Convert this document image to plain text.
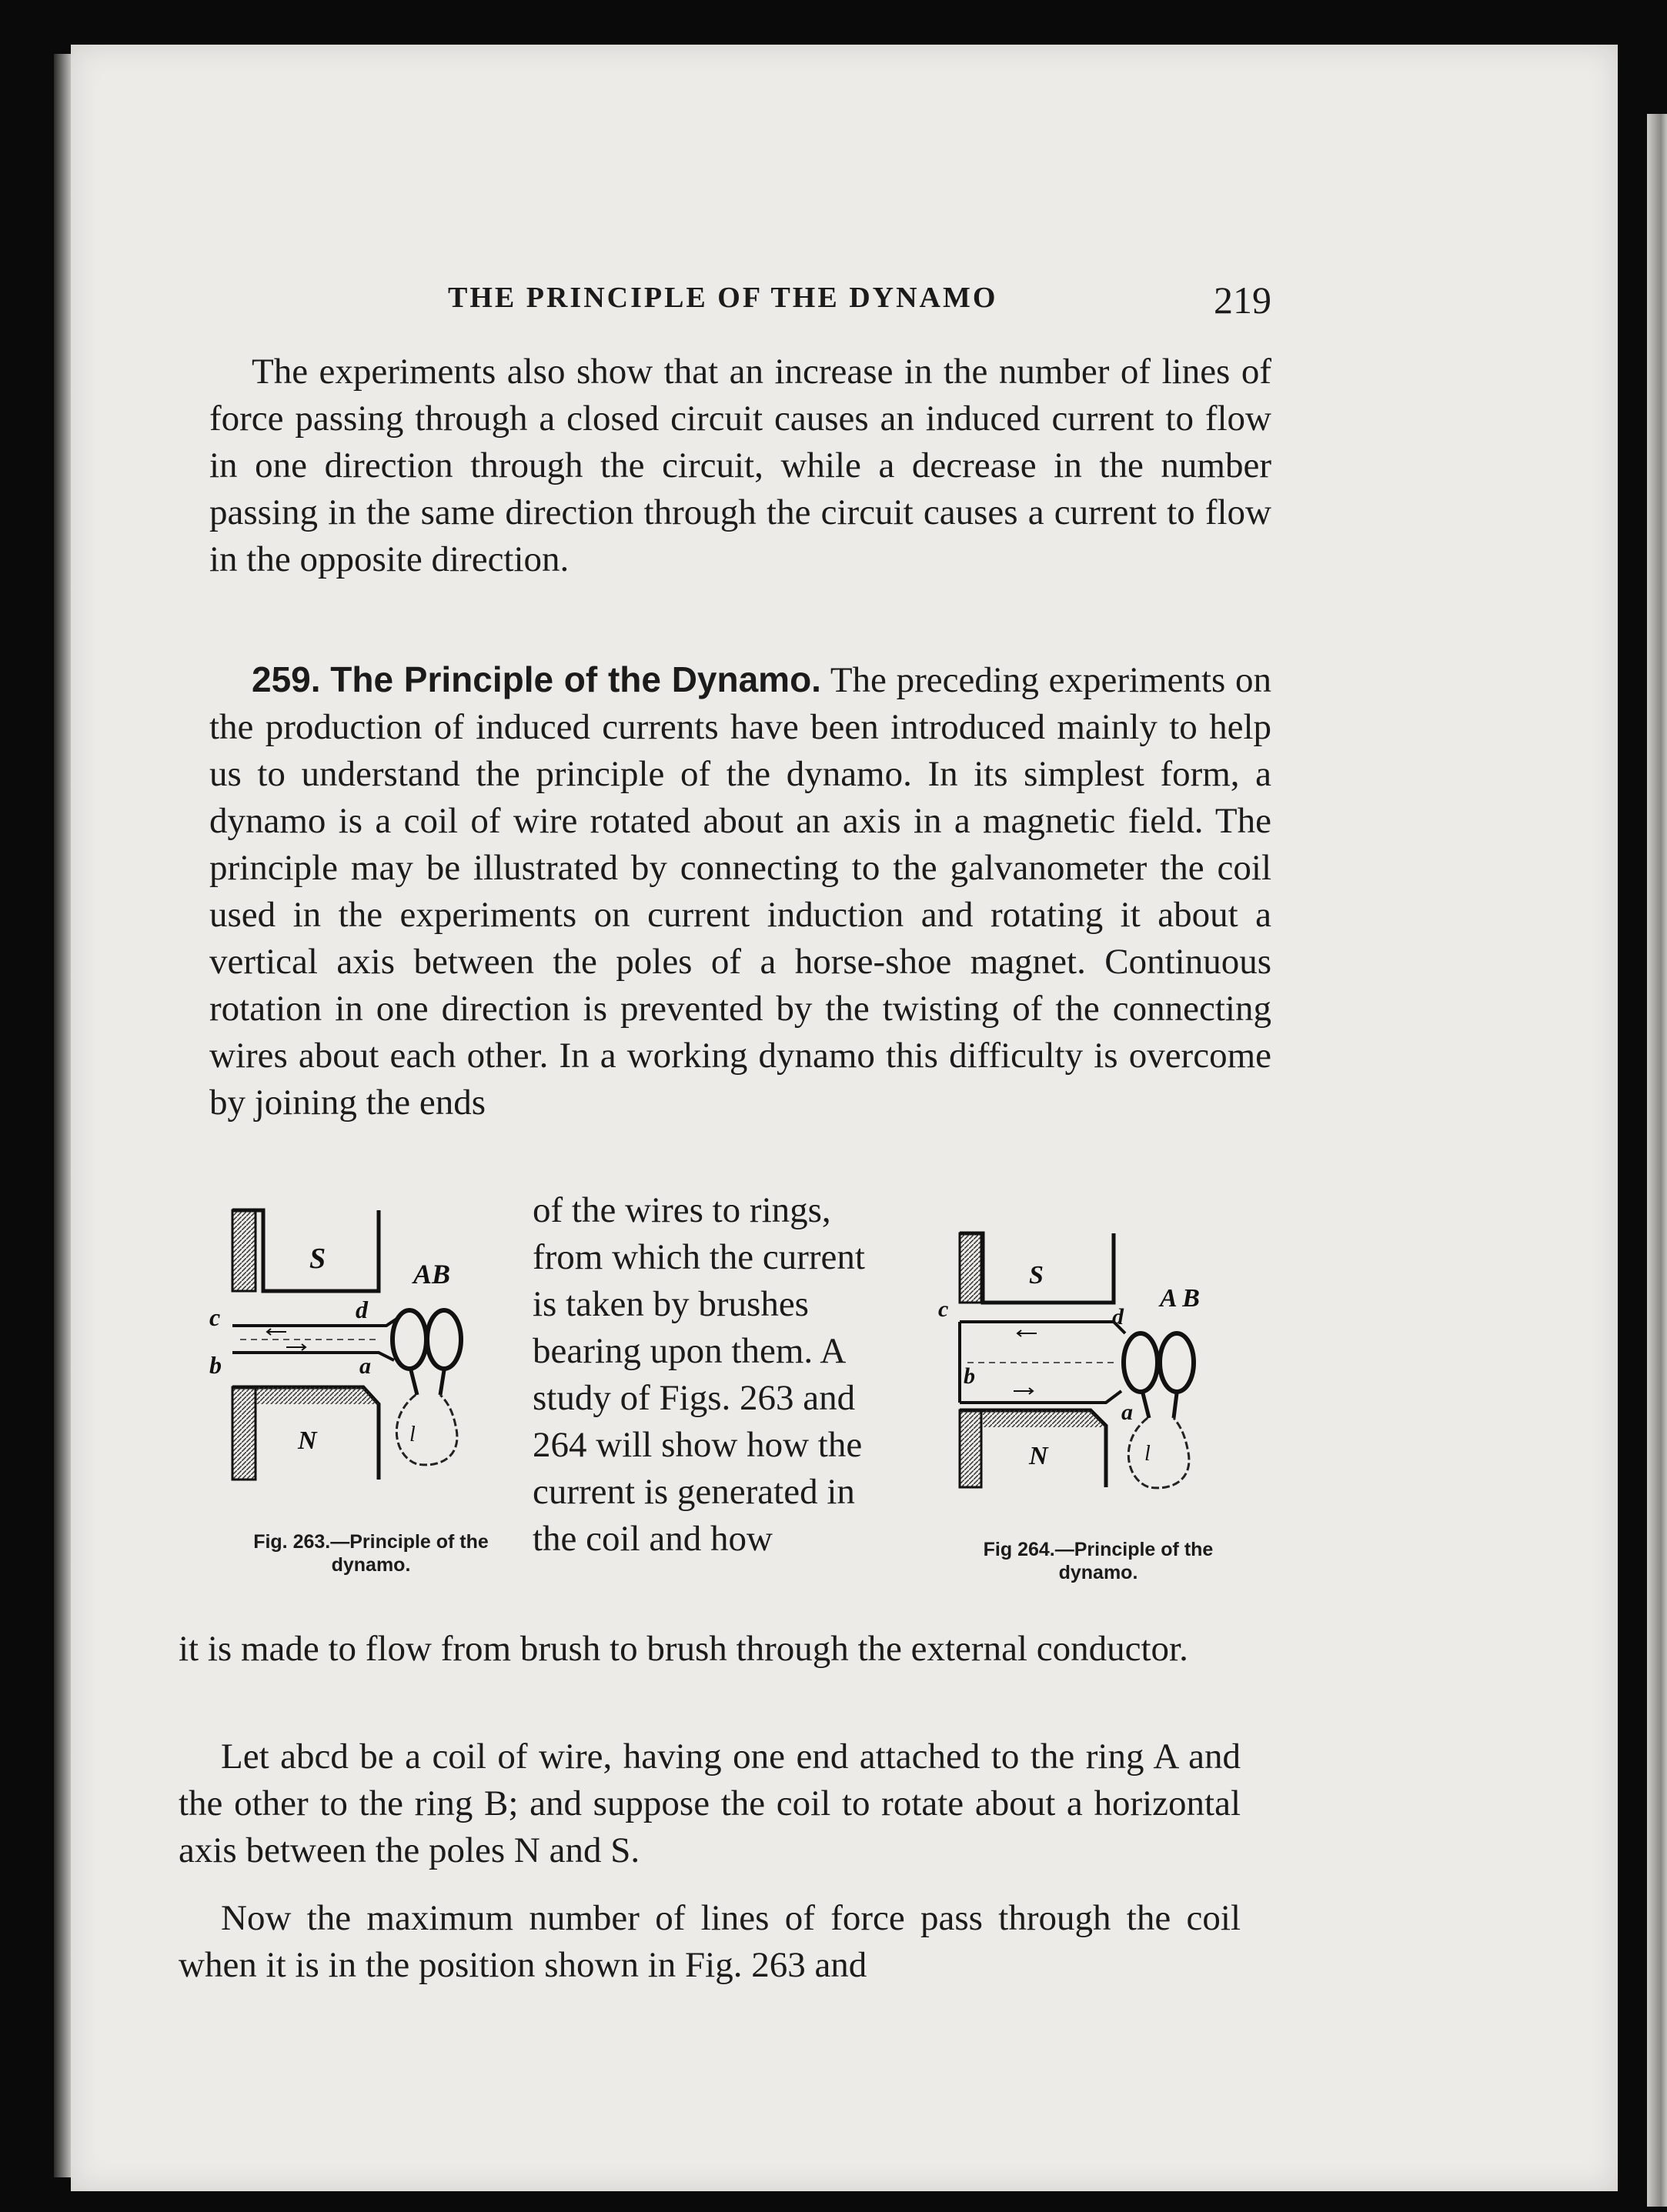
THE PRINCIPLE OF THE DYNAMO	219

The experiments also show that an increase in the number of lines of force passing through a closed circuit causes an induced current to flow in one direction through the circuit, while a decrease in the number passing in the same direction through the circuit causes a current to flow in the opposite direction.

259. The Principle of the Dynamo. The preceding experiments on the production of induced currents have been introduced mainly to help us to understand the principle of the dynamo. In its simplest form, a dynamo is a coil of wire rotated about an axis in a magnetic field. The principle may be illustrated by connecting to the galvanometer the coil used in the experiments on current induction and rotating it about a vertical axis between the poles of a horse-shoe magnet. Continuous rotation in one direction is prevented by the twisting of the connecting wires about each other. In a working dynamo this difficulty is overcome by joining the ends

S
N
c	d
b	a
AB
l
Fig. 263.—Principle of the
dynamo.
of the wires to rings, from which the current is taken by brushes bearing upon them. A study of Figs. 263 and 264 will show how the current is generated in the coil and how
S
N
c	d
b
a
A B
l
Fig 264.—Principle of the
dynamo.

it is made to flow from brush to brush through the external conductor.

Let abcd be a coil of wire, having one end attached to the ring A and the other to the ring B; and suppose the coil to rotate about a horizontal axis between the poles N and S.

Now the maximum number of lines of force pass through the coil when it is in the position shown in Fig. 263 and
